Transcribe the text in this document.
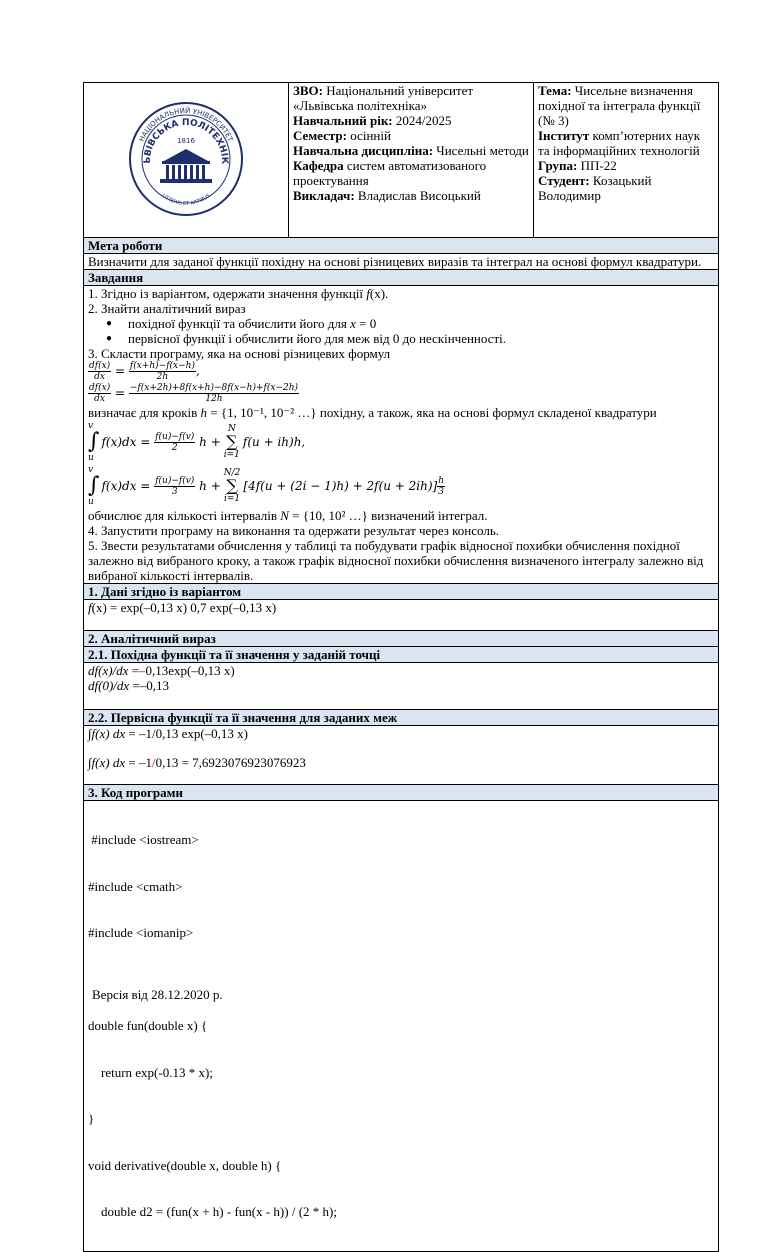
НАЦІОНАЛЬНИЙ УНІВЕРСИТЕТ
ЬВІВСЬКА ПОЛІТЕХНІК
1816
LITTERIS ET ARTIBUS

ЗВО: Національний університет «Львівська політехніка»
Навчальний рік: 2024/2025
Семестр: осінній
Навчальна дисципліна: Чисельні методи
Кафедра систем автоматизованого проектування
Викладач: Владислав Висоцький

Тема: Чисельне визначення похідної та інтеграла функції (№ 3)
Інститут комп’ютерних наук та інформаційних технологій
Група: ПП-22
Студент: Козацький Володимир
Мета роботи
Визначити для заданої функції похідну на основі різницевих виразів та інтеграл на основі формул квадратури.
Завдання
1. Згідно із варіантом, одержати значення функції f(x).
2. Знайти аналітичний вираз
● похідної функції та обчислити його для x = 0
● первісної функції і обчислити його для меж від 0 до нескінченності.
3. Скласти програму, яка на основі різницевих формул
$\frac{df(x)}{dx} = \frac{f(x+h)-f(x-h)}{2h}$ ,
$\frac{df(x)}{dx} = \frac{-f(x+2h)+8f(x+h)-8f(x-h)+f(x-2h)}{12h}$
визначає для кроків h = {1, 10⁻¹, 10⁻² …} похідну, а також, яка на основі формул складеної квадратури
v
∫
u
f(x)dx =
$\frac{f(u)-f(v)}{2}$
h +
N
∑
i=1
f(u + ih)h,
v
∫
u
f(x)dx =
$\frac{f(u)-f(v)}{3}$
h +
N/2
∑
i=1
$[4f(u + (2i - 1)h) + 2f(u + 2ih)] \frac{h}{3}$
обчислює для кількості інтервалів N = {10, 10² …} визначений інтеграл.
4. Запустити програму на виконання та одержати результат через консоль.
5. Звести результатами обчислення у таблиці та побудувати графік відносної похибки обчислення похідної залежно від вибраного кроку, а також графік відносної похибки обчислення визначеного інтегралу залежно від вибраної кількості інтервалів.
1. Дані згідно із варіантом
f(x) = exp(–0,13 x) 0,7 exp(–0,13 x)
2. Аналітичний вираз
2.1. Похідна функції та її значення у заданій точці
df(x)/dx =–0,13exp(–0,13 x)
df(0)/dx =–0,13
2.2. Первісна функції та її значення для заданих меж
∫f(x) dx = –1/0,13 exp(–0,13 x)
∫f(x) dx = –1/0,13 = 7,6923076923076923
3. Код програми

#include <iostream>

#include <cmath>

#include <iomanip>

double fun(double x) {

return exp(-0.13 * x);

}

void derivative(double x, double h) {

double d2 = (fun(x + h) - fun(x - h)) / (2 * h);

Версія від 28.12.2020 р.
